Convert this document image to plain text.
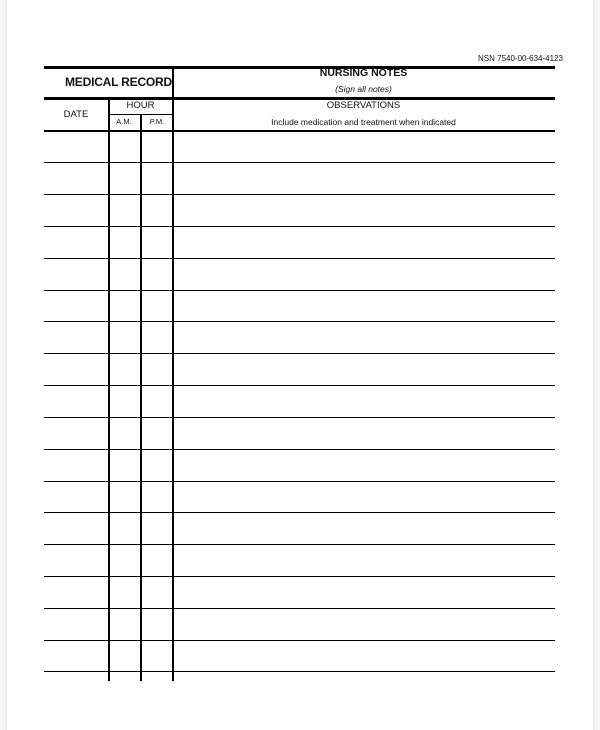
NSN 7540-00-634-4123
MEDICAL RECORD
NURSING NOTES
(Sign all notes)
DATE
HOUR
A.M.	P.M.
OBSERVATIONS
Include medication and treatment when indicated
